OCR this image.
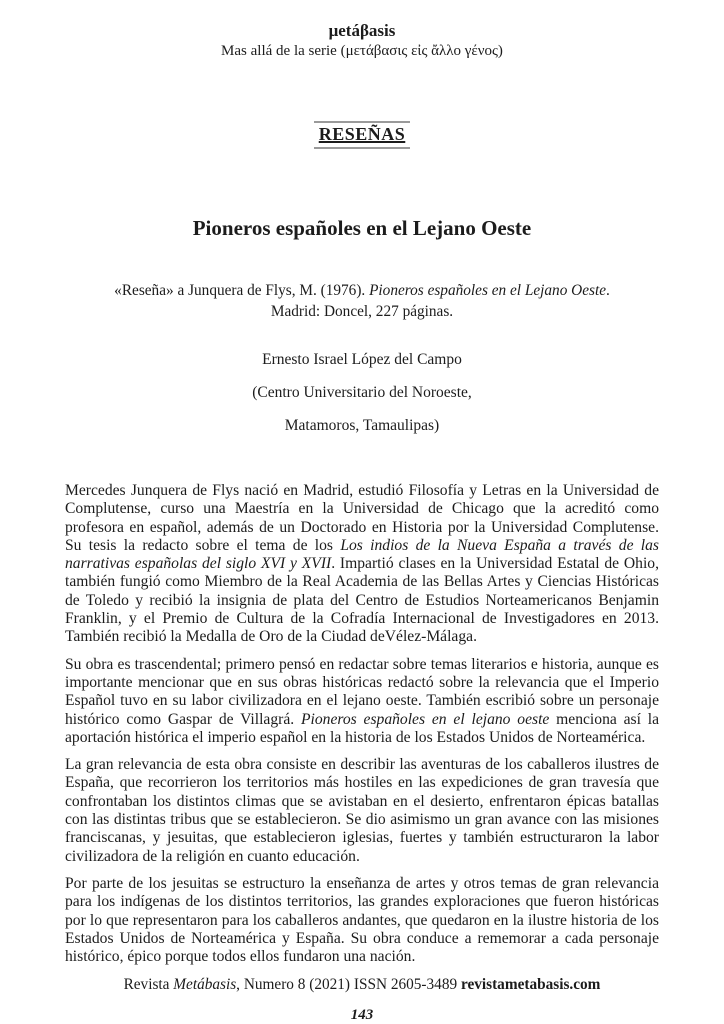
μetáβasis
Mas allá de la serie (μετάβασις εἰς ἄλλο γένος)
RESEÑAS
Pioneros españoles en el Lejano Oeste

«Reseña» a Junquera de Flys, M. (1976). Pioneros españoles en el Lejano Oeste.

Madrid: Doncel, 227 páginas.

Ernesto Israel López del Campo

(Centro Universitario del Noroeste,

Matamoros, Tamaulipas)

Mercedes Junquera de Flys nació en Madrid, estudió Filosofía y Letras en la Universidad de Complutense, curso una Maestría en la Universidad de Chicago que la acreditó como profesora en español, además de un Doctorado en Historia por la Universidad Complutense. Su tesis la redacto sobre el tema de los Los indios de la Nueva España a través de las narrativas españolas del siglo XVI y XVII. Impartió clases en la Universidad Estatal de Ohio, también fungió como Miembro de la Real Academia de las Bellas Artes y Ciencias Históricas de Toledo y recibió la insignia de plata del Centro de Estudios Norteamericanos Benjamin Franklin, y el Premio de Cultura de la Cofradía Internacional de Investigadores en 2013. También recibió la Medalla de Oro de la Ciudad deVélez-Málaga.

Su obra es trascendental; primero pensó en redactar sobre temas literarios e historia, aunque es importante mencionar que en sus obras históricas redactó sobre la relevancia que el Imperio Español tuvo en su labor civilizadora en el lejano oeste. También escribió sobre un personaje histórico como Gaspar de Villagrá. Pioneros españoles en el lejano oeste menciona así la aportación histórica el imperio español en la historia de los Estados Unidos de Norteamérica.

La gran relevancia de esta obra consiste en describir las aventuras de los caballeros ilustres de España, que recorrieron los territorios más hostiles en las expediciones de gran travesía que confrontaban los distintos climas que se avistaban en el desierto, enfrentaron épicas batallas con las distintas tribus que se establecieron. Se dio asimismo un gran avance con las misiones franciscanas, y jesuitas, que establecieron iglesias, fuertes y también estructuraron la labor civilizadora de la religión en cuanto educación.

Por parte de los jesuitas se estructuro la enseñanza de artes y otros temas de gran relevancia para los indígenas de los distintos territorios, las grandes exploraciones que fueron históricas por lo que representaron para los caballeros andantes, que quedaron en la ilustre historia de los Estados Unidos de Norteamérica y España. Su obra conduce a rememorar a cada personaje histórico, épico porque todos ellos fundaron una nación.

Revista Metábasis, Numero 8 (2021) ISSN 2605-3489 revistametabasis.com

143
